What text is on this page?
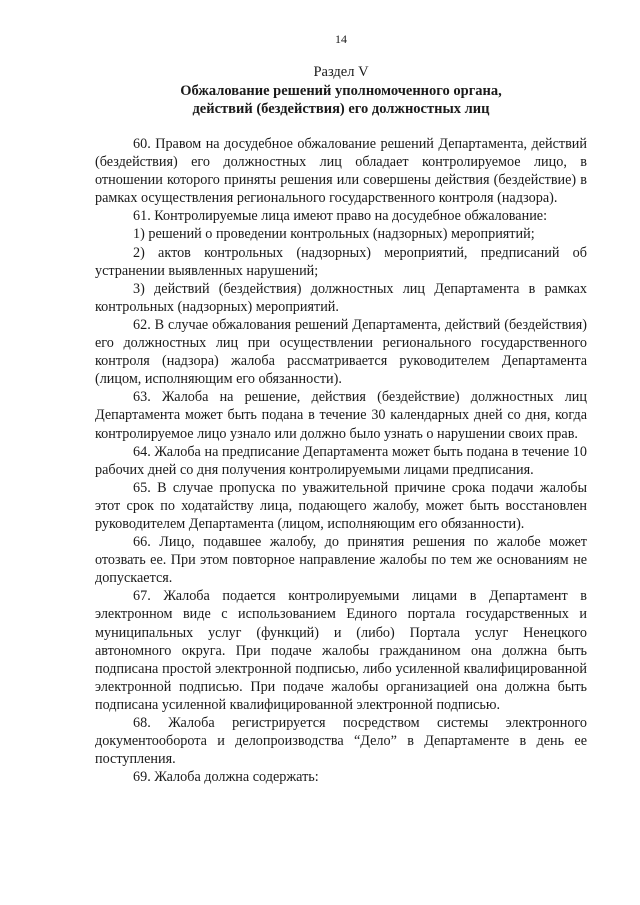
14
Раздел V
Обжалование решений уполномоченного органа,
действий (бездействия) его должностных лиц

60. Правом на досудебное обжалование решений Департамента, действий (бездействия) его должностных лиц обладает контролируемое лицо, в отношении которого приняты решения или совершены действия (бездействие) в рамках осуществления регионального государственного контроля (надзора).

61. Контролируемые лица имеют право на досудебное обжалование:

1) решений о проведении контрольных (надзорных) мероприятий;

2) актов контрольных (надзорных) мероприятий, предписаний об устранении выявленных нарушений;

3) действий (бездействия) должностных лиц Департамента в рамках контрольных (надзорных) мероприятий.

62. В случае обжалования решений Департамента, действий (бездействия) его должностных лиц при осуществлении регионального государственного контроля (надзора) жалоба рассматривается руководителем Департамента (лицом, исполняющим его обязанности).

63. Жалоба на решение, действия (бездействие) должностных лиц Департамента может быть подана в течение 30 календарных дней со дня, когда контролируемое лицо узнало или должно было узнать о нарушении своих прав.

64. Жалоба на предписание Департамента может быть подана в течение 10 рабочих дней со дня получения контролируемыми лицами предписания.

65. В случае пропуска по уважительной причине срока подачи жалобы этот срок по ходатайству лица, подающего жалобу, может быть восстановлен руководителем Департамента (лицом, исполняющим его обязанности).

66. Лицо, подавшее жалобу, до принятия решения по жалобе может отозвать ее. При этом повторное направление жалобы по тем же основаниям не допускается.

67. Жалоба подается контролируемыми лицами в Департамент в электронном виде с использованием Единого портала государственных и муниципальных услуг (функций) и (либо) Портала услуг Ненецкого автономного округа. При подаче жалобы гражданином она должна быть подписана простой электронной подписью, либо усиленной квалифицированной электронной подписью. При подаче жалобы организацией она должна быть подписана усиленной квалифицированной электронной подписью.

68. Жалоба регистрируется посредством системы электронного документооборота и делопроизводства “Дело” в Департаменте в день ее поступления.

69. Жалоба должна содержать:
